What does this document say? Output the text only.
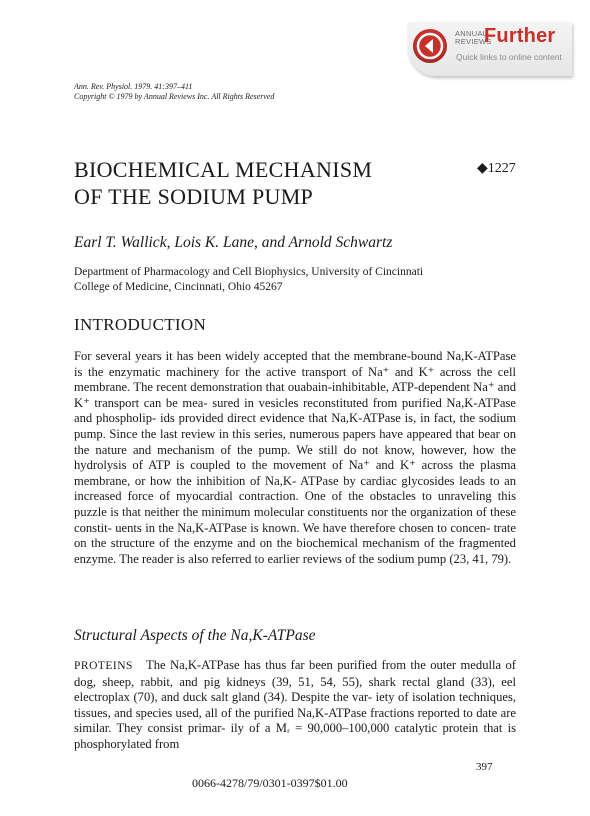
ANNUAL
REVIEWS
Further
Quick links to online content
Ann. Rev. Physiol. 1979. 41:397–411
Copyright © 1979 by Annual Reviews Inc. All Rights Reserved
BIOCHEMICAL MECHANISM
OF THE SODIUM PUMP
◆1227
Earl T. Wallick, Lois K. Lane, and Arnold Schwartz
Department of Pharmacology and Cell Biophysics, University of Cincinnati
College of Medicine, Cincinnati, Ohio 45267
INTRODUCTION

For several years it has been widely accepted that the membrane-bound Na,K-ATPase is the enzymatic machinery for the active transport of Na⁺ and K⁺ across the cell membrane. The recent demonstration that ouabain-inhibitable, ATP-dependent Na⁺ and K⁺ transport can be mea- sured in vesicles reconstituted from purified Na,K-ATPase and phospholip- ids provided direct evidence that Na,K-ATPase is, in fact, the sodium pump. Since the last review in this series, numerous papers have appeared that bear on the nature and mechanism of the pump. We still do not know, however, how the hydrolysis of ATP is coupled to the movement of Na⁺ and K⁺ across the plasma membrane, or how the inhibition of Na,K- ATPase by cardiac glycosides leads to an increased force of myocardial contraction. One of the obstacles to unraveling this puzzle is that neither the minimum molecular constituents nor the organization of these constit- uents in the Na,K-ATPase is known. We have therefore chosen to concen- trate on the structure of the enzyme and on the biochemical mechanism of the fragmented enzyme. The reader is also referred to earlier reviews of the sodium pump (23, 41, 79).

Structural Aspects of the Na,K-ATPase

PROTEINS The Na,K-ATPase has thus far been purified from the outer medulla of dog, sheep, rabbit, and pig kidneys (39, 51, 54, 55), shark rectal gland (33), eel electroplax (70), and duck salt gland (34). Despite the var- iety of isolation techniques, tissues, and species used, all of the purified Na,K-ATPase fractions reported to date are similar. They consist primar- ily of a Mᵣ = 90,000–100,000 catalytic protein that is phosphorylated from

397
0066-4278/79/0301-0397$01.00
